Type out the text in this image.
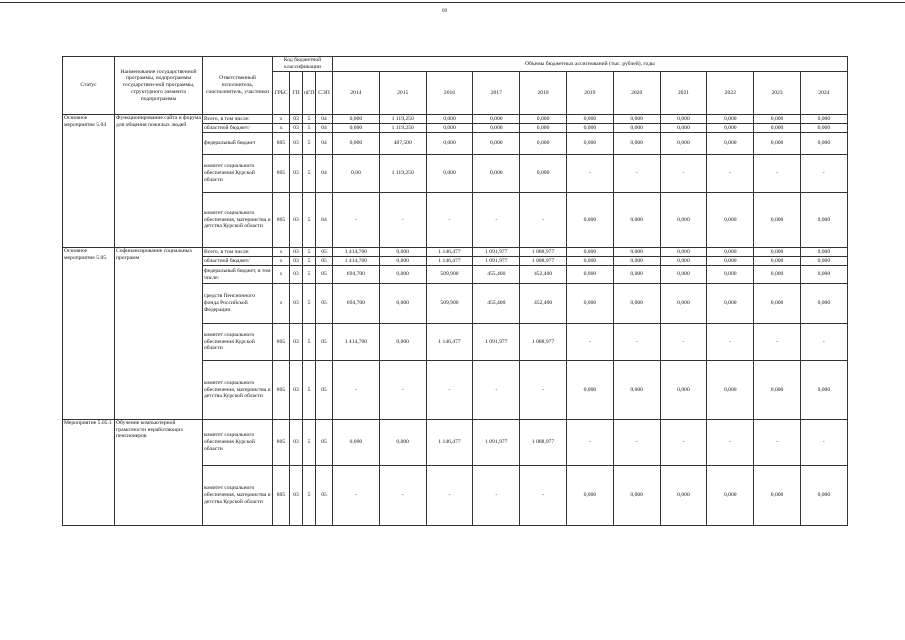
69
Статус	Наименование государственной программы, подпрограммы государствен-ной программы, структурного элемента подпрограммы	Ответственный исполнитель, соисполнитель, участники	Код бюджетной классификации				Объемы бюджетных ассигнований (тыс. рублей), годы										
			ГРБС	ГП	пГП	СЭП	2014	2015	2016	2017	2018	2019	2020	2021	2022	2023	2024
Основное мероприятие 5.04	Функционирование сайта и форума для общения пожилых людей	Всего, в том числе:	х	03	5	04	0,000	1 119,250	0,000	0,000	0,000	0,000	0,000	0,000	0,000	0,000	0,000
		областной бюджет/	х	03	5	04	0,000	1 119,250	0,000	0,000	0,000	0,000	0,000	0,000	0,000	0,000	0,000
		федеральный бюджет	805	03	5	04	0,000	487,500	0,000	0,000	0,000	0,000	0,000	0,000	0,000	0,000	0,000
		комитет социального обеспечения Курской области	805	03	5	04	0,00	1 119,250	0,000	0,000	0,000	-	-	-	-	-	-
		комитет социального обеспечения, материнства и детства Курской области	805	03	5	04	-	-	-	-	-	0,000	0,000	0,000	0,000	0,000	0,000
Основное мероприятие 5.05.	Софинансирование социальных программ	Всего, в том числе:	х	03	5	05	1 414,700	0,000	1 146,477	1 091,977	1 088,977	0,000	0,000	0,000	0,000	0,000	0,000
		областной бюджет/	х	03	5	05	1 414,700	0,000	1 146,477	1 091,977	1 088,977	0,000	0,000	0,000	0,000	0,000	0,000
		федеральный бюджет, в том числе:	х	03	5	05	694,700	0,000	509,900	455,400	452,400	0,000	0,000	0,000	0,000	0,000	0,000
		средств Пенсионного фонда Российской Федерации	х	03	5	05	694,700	0,000	509,900	455,400	452,400	0,000	0,000	0,000	0,000	0,000	0,000
		комитет социального обеспечения Курской области	805	03	5	05	1 414,700	0,000	1 146,477	1 091,977	1 088,977	-	-	-	-	-	-
		комитет социального обеспечения, материнства и детства Курской области	805	03	5	05	-	-	-	-	-	0,000	0,000	0,000	0,000	0,000	0,000
Мероприятие 5.05.1	Обучение компьютерной грамотности неработающих пенсионеров	комитет социального обеспечения Курской области	805	03	5	05	0,000	0,000	1 146,477	1 091,977	1 088,977	-	-	-	-	-	-
		комитет социального обеспечения, материнства и детства Курской области	805	03	5	05	-	-	-	-	-	0,000	0,000	0,000	0,000	0,000	0,000
